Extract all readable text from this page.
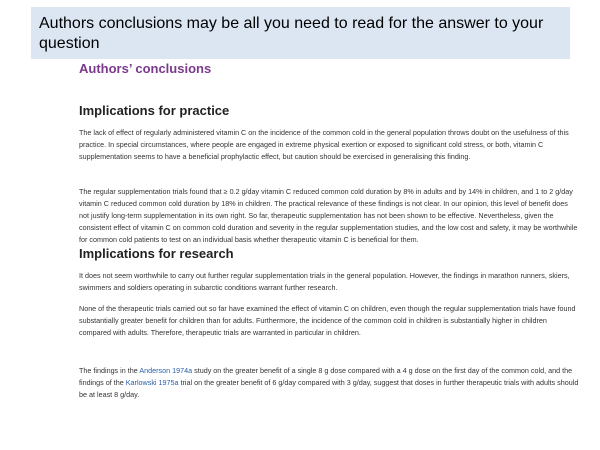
Authors conclusions may be all you need to read for the answer to your question
Authors’ conclusions
Implications for practice

The lack of effect of regularly administered vitamin C on the incidence of the common cold in the general population throws doubt on the usefulness of this practice. In special circumstances, where people are engaged in extreme physical exertion or exposed to significant cold stress, or both, vitamin C supplementation seems to have a beneficial prophylactic effect, but caution should be exercised in generalising this finding.

The regular supplementation trials found that ≥ 0.2 g/day vitamin C reduced common cold duration by 8% in adults and by 14% in children, and 1 to 2 g/day vitamin C reduced common cold duration by 18% in children. The practical relevance of these findings is not clear. In our opinion, this level of benefit does not justify long-term supplementation in its own right. So far, therapeutic supplementation has not been shown to be effective. Nevertheless, given the consistent effect of vitamin C on common cold duration and severity in the regular supplementation studies, and the low cost and safety, it may be worthwhile for common cold patients to test on an individual basis whether therapeutic vitamin C is beneficial for them.

Implications for research

It does not seem worthwhile to carry out further regular supplementation trials in the general population. However, the findings in marathon runners, skiers, swimmers and soldiers operating in subarctic conditions warrant further research.

None of the therapeutic trials carried out so far have examined the effect of vitamin C on children, even though the regular supplementation trials have found substantially greater benefit for children than for adults. Furthermore, the incidence of the common cold in children is substantially higher in children compared with adults. Therefore, therapeutic trials are warranted in particular in children.

The findings in the Anderson 1974a study on the greater benefit of a single 8 g dose compared with a 4 g dose on the first day of the common cold, and the findings of the Karlowski 1975a trial on the greater benefit of 6 g/day compared with 3 g/day, suggest that doses in further therapeutic trials with adults should be at least 8 g/day.
